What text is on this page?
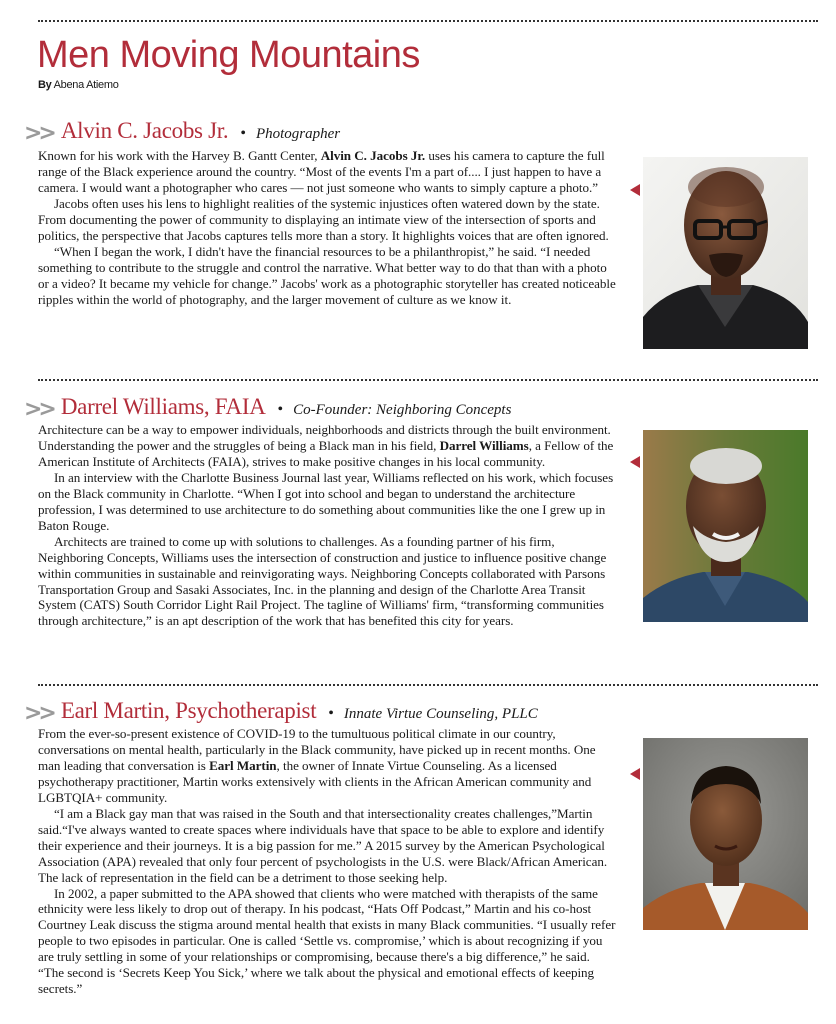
Men Moving Mountains
By Abena Atiemo
>> Alvin C. Jacobs Jr. • Photographer

Known for his work with the Harvey B. Gantt Center, Alvin C. Jacobs Jr. uses his camera to capture the full range of the Black experience around the country. “Most of the events I'm a part of.... I just happen to have a camera. I would want a photographer who cares — not just someone who wants to simply capture a photo.”

Jacobs often uses his lens to highlight realities of the systemic injustices often watered down by the state. From documenting the power of community to displaying an intimate view of the intersection of sports and politics, the perspective that Jacobs captures tells more than a story. It highlights voices that are often ignored.

“When I began the work, I didn't have the financial resources to be a philanthropist,” he said. “I needed something to contribute to the struggle and control the narrative. What better way to do that than with a photo or a video? It became my vehicle for change.” Jacobs' work as a photographic storyteller has created noticeable ripples within the world of photography, and the larger movement of culture as we know it.

>> Darrel Williams, FAIA • Co-Founder: Neighboring Concepts

Architecture can be a way to empower individuals, neighborhoods and districts through the built environment. Understanding the power and the struggles of being a Black man in his field, Darrel Williams, a Fellow of the American Institute of Architects (FAIA), strives to make positive changes in his local community.

In an interview with the Charlotte Business Journal last year, Williams reflected on his work, which focuses on the Black community in Charlotte. “When I got into school and began to understand the architecture profession, I was determined to use architecture to do something about communities like the one I grew up in Baton Rouge.

Architects are trained to come up with solutions to challenges. As a founding partner of his firm, Neighboring Concepts, Williams uses the intersection of construction and justice to influence positive change within communities in sustainable and reinvigorating ways. Neighboring Concepts collaborated with Parsons Transportation Group and Sasaki Associates, Inc. in the planning and design of the Charlotte Area Transit System (CATS) South Corridor Light Rail Project. The tagline of Williams' firm, “transforming communities through architecture,” is an apt description of the work that has benefited this city for years.

>> Earl Martin, Psychotherapist • Innate Virtue Counseling, PLLC

From the ever-so-present existence of COVID-19 to the tumultuous political climate in our country, conversations on mental health, particularly in the Black community, have picked up in recent months. One man leading that conversation is Earl Martin, the owner of Innate Virtue Counseling. As a licensed psychotherapy practitioner, Martin works extensively with clients in the African American community and LGBTQIA+ community.

“I am a Black gay man that was raised in the South and that intersectionality creates challenges,”Martin said.“I've always wanted to create spaces where individuals have that space to be able to explore and identify their experience and their journeys. It is a big passion for me.” A 2015 survey by the American Psychological Association (APA) revealed that only four percent of psychologists in the U.S. were Black/African American. The lack of representation in the field can be a detriment to those seeking help.

In 2002, a paper submitted to the APA showed that clients who were matched with therapists of the same ethnicity were less likely to drop out of therapy. In his podcast, “Hats Off Podcast,” Martin and his co-host Courtney Leak discuss the stigma around mental health that exists in many Black communities. “I usually refer people to two episodes in particular. One is called ‘Settle vs. compromise,’ which is about recognizing if you are truly settling in some of your relationships or compromising, because there's a big difference,” he said. “The second is ‘Secrets Keep You Sick,’ where we talk about the physical and emotional effects of keeping secrets.”
